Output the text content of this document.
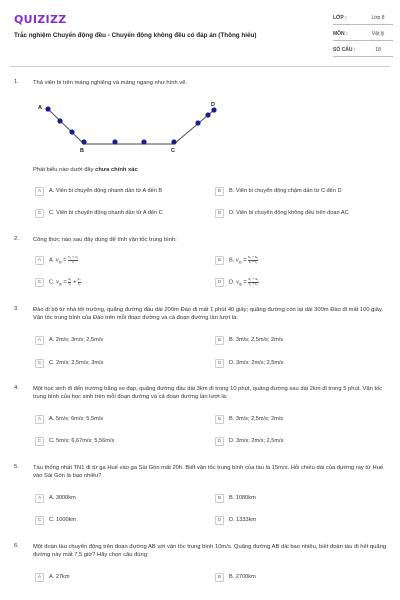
QUIZIZZ
Trắc nghiệm Chuyển động đều - Chuyển động không đều có đáp án (Thông hiểu)
LỚP :	Lớp 8
MÔN :	Vật lý
SỐ CÂU :	18
1. Thả viên bi trên máng nghiêng và máng ngang như hình vẽ.
A
B	C
D
Phát biểu nào dưới đây chưa chính xác
A	A. Viên bi chuyển động nhanh dần từ A đến B	B	B. Viên bi chuyển động chậm dần từ C đến D
C	C. Viên bi chuyển động nhanh dần từ A đến C	D	D. Viên bi chuyển động không đều trên đoạn AC
2. Công thức nào sau đây dùng để tính vận tốc trung bình:
A	A. $v_{tb} = \frac{\text{v₁ + v₂}}{2}$	B	B. $v_{tb} = \frac{\text{s₁ + s₂}}{\text{t₁ + t₂}}$
C	C. $v_{tb} = \frac{\text{s₁}}{\text{t₁}} + \frac{\text{s₂}}{\text{t₂}}$	D	D. $v_{tb} = \frac{\text{s₁ + s₂}}{\text{t₁ + t₂}}$
3. Đào đi bộ từ nhà tới trường, quãng đường đầu dài 200m Đào đi mất 1 phút 40 giây; quãng đường còn lại dài 300m Đào đi mất 100 giây. Vận tốc trung bình của Đào trên mỗi đoạn đường và cả đoạn đường lần lượt là:
A	A. 2m/s; 3m/s; 2,5m/s	B	B. 3m/s; 2,5m/s; 2m/s
C	C. 2m/s; 2,5m/s; 3m/s	D	D. 3m/s; 2m/s; 2,5m/s
4. Một học sinh đi đến trường bằng xe đạp, quãng đường đầu dài 3km đi trong 10 phút, quãng đường sau dài 2km đi trong 5 phút. Vận tốc trung bình của học sinh trên mỗi đoạn đường và cả đoạn đường lần lượt là:
A	A. 5m/s; 6m/s; 5,5m/s	B	B. 3m/s; 2,5m/s; 2m/s
C	C. 5m/s; 6,67m/s; 5,56m/s	D	D. 3m/s; 2m/s; 2,5m/s
5. Tàu thống nhất TN1 đi từ ga Huế vào ga Sài Gòn mất 20h. Biết vận tốc trung bình của tàu là 15m/s. Hỏi chiều dài của đường ray từ Huế vào Sài Gòn là bao nhiêu?
A	A. 3000km	B	B. 1080km
C	C. 1000km	D	D. 1333km
6. Một đoàn tàu chuyển động trên đoạn đường AB với vận tốc trung bình 10m/s. Quãng đường AB dài bao nhiêu, biết đoàn tàu đi hết quãng đường này mất 7,5 giờ? Hãy chọn câu đúng:
A	A. 27km	B	B. 2700km
